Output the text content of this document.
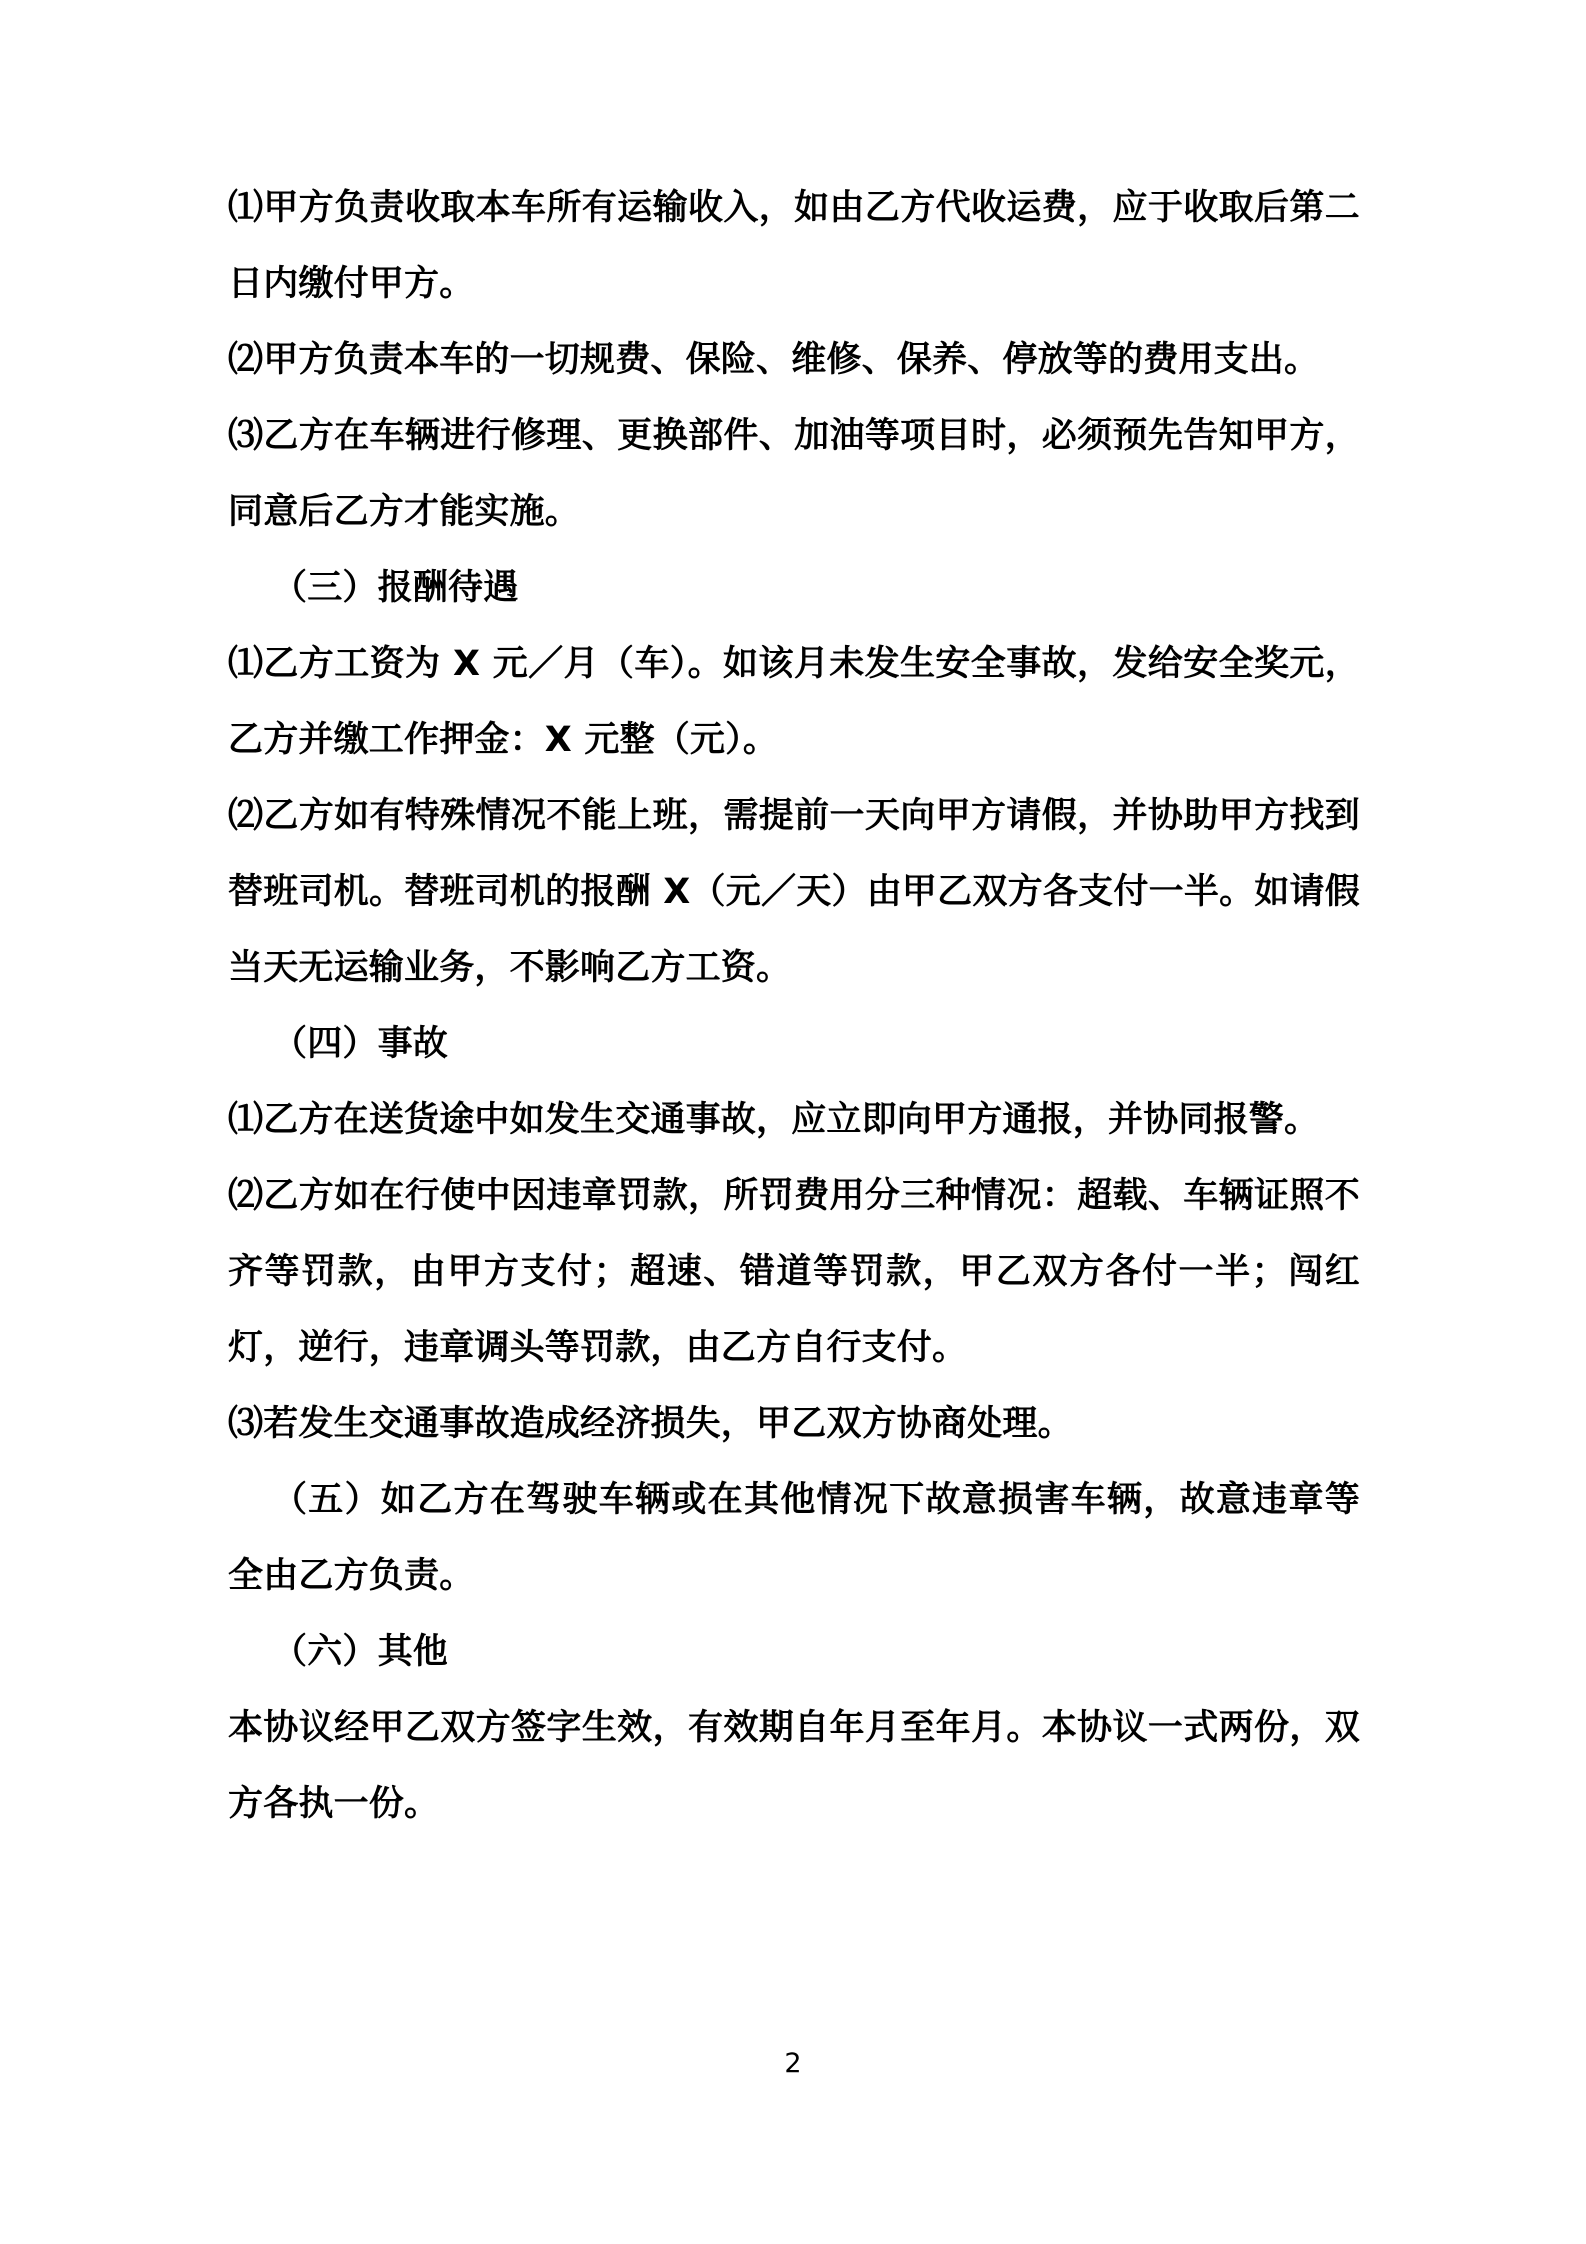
⑴甲方负责收取本车所有运输收入，如由乙方代收运费，应于收取后第二日内缴付甲方。

⑵甲方负责本车的一切规费、保险、维修、保养、停放等的费用支出。

⑶乙方在车辆进行修理、更换部件、加油等项目时，必须预先告知甲方，同意后乙方才能实施。

（三）报酬待遇

⑴乙方工资为 X 元／月（车）。如该月未发生安全事故，发给安全奖元，乙方并缴工作押金：X 元整（元）。

⑵乙方如有特殊情况不能上班，需提前一天向甲方请假，并协助甲方找到替班司机。替班司机的报酬 X（元／天）由甲乙双方各支付一半。如请假当天无运输业务，不影响乙方工资。

（四）事故

⑴乙方在送货途中如发生交通事故，应立即向甲方通报，并协同报警。

⑵乙方如在行使中因违章罚款，所罚费用分三种情况：超载、车辆证照不齐等罚款，由甲方支付；超速、错道等罚款，甲乙双方各付一半；闯红灯，逆行，违章调头等罚款，由乙方自行支付。

⑶若发生交通事故造成经济损失，甲乙双方协商处理。

（五）如乙方在驾驶车辆或在其他情况下故意损害车辆，故意违章等全由乙方负责。

（六）其他

本协议经甲乙双方签字生效，有效期自年月至年月。本协议一式两份，双方各执一份。

2
